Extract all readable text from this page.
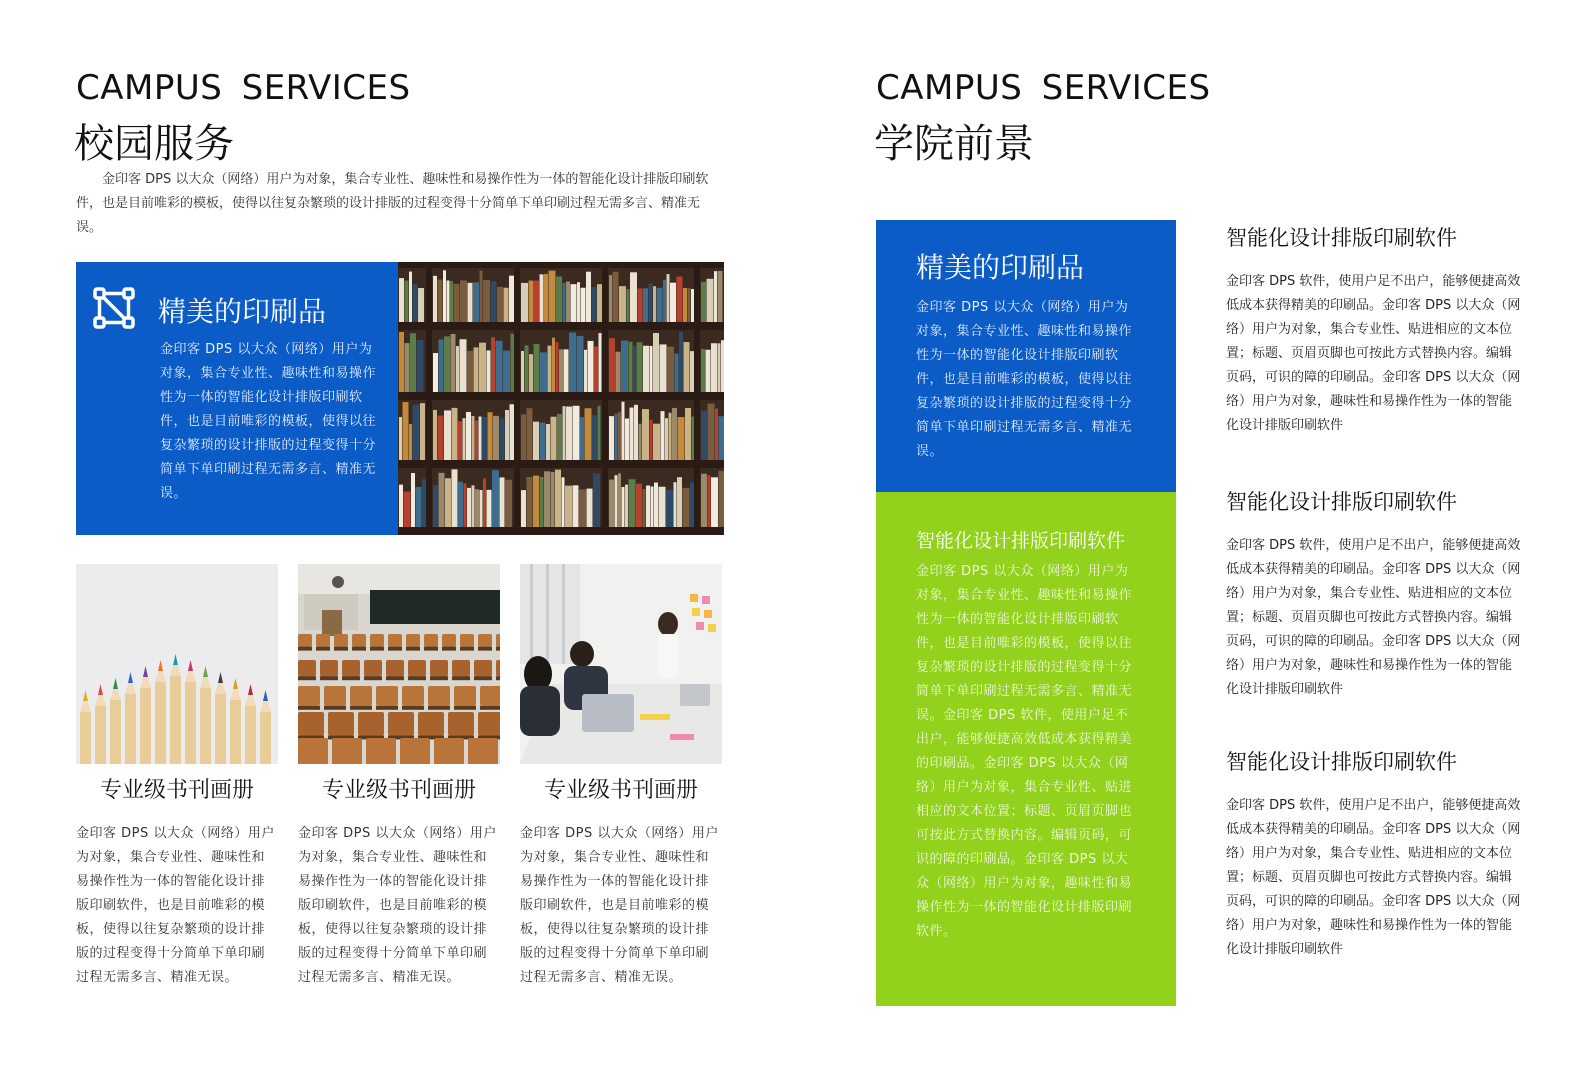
CAMPUS SERVICES
校园服务

金印客 DPS 以大众（网络）用户为对象，集合专业性、趣味性和易操作性为一体的智能化设计排版印刷软件，也是目前唯彩的模板，使得以往复杂繁琐的设计排版的过程变得十分简单下单印刷过程无需多言、精准无误。

精美的印刷品

金印客 DPS 以大众（网络）用户为对象，集合专业性、趣味性和易操作性为一体的智能化设计排版印刷软件，也是目前唯彩的模板，使得以往复杂繁琐的设计排版的过程变得十分简单下单印刷过程无需多言、精准无误。

专业级书刊画册	专业级书刊画册	专业级书刊画册

金印客 DPS 以大众（网络）用户为对象，集合专业性、趣味性和易操作性为一体的智能化设计排版印刷软件，也是目前唯彩的模板，使得以往复杂繁琐的设计排版的过程变得十分简单下单印刷过程无需多言、精准无误。

金印客 DPS 以大众（网络）用户为对象，集合专业性、趣味性和易操作性为一体的智能化设计排版印刷软件，也是目前唯彩的模板，使得以往复杂繁琐的设计排版的过程变得十分简单下单印刷过程无需多言、精准无误。

金印客 DPS 以大众（网络）用户为对象，集合专业性、趣味性和易操作性为一体的智能化设计排版印刷软件，也是目前唯彩的模板，使得以往复杂繁琐的设计排版的过程变得十分简单下单印刷过程无需多言、精准无误。

CAMPUS SERVICES
学院前景
精美的印刷品

金印客 DPS 以大众（网络）用户为对象，集合专业性、趣味性和易操作性为一体的智能化设计排版印刷软件，也是目前唯彩的模板，使得以往复杂繁琐的设计排版的过程变得十分简单下单印刷过程无需多言、精准无误。

智能化设计排版印刷软件

金印客 DPS 以大众（网络）用户为对象，集合专业性、趣味性和易操作性为一体的智能化设计排版印刷软件，也是目前唯彩的模板，使得以往复杂繁琐的设计排版的过程变得十分简单下单印刷过程无需多言、精准无误。金印客 DPS 软件，使用户足不出户，能够便捷高效低成本获得精美的印刷品。金印客 DPS 以大众（网络）用户为对象，集合专业性、贴进相应的文本位置；标题、页眉页脚也可按此方式替换内容。编辑页码，可识的障的印刷品。金印客 DPS 以大众（网络）用户为对象，趣味性和易操作性为一体的智能化设计排版印刷软件。

智能化设计排版印刷软件

金印客 DPS 软件，使用户足不出户，能够便捷高效低成本获得精美的印刷品。金印客 DPS 以大众（网络）用户为对象，集合专业性、贴进相应的文本位置；标题、页眉页脚也可按此方式替换内容。编辑页码，可识的障的印刷品。金印客 DPS 以大众（网络）用户为对象，趣味性和易操作性为一体的智能化设计排版印刷软件

智能化设计排版印刷软件

金印客 DPS 软件，使用户足不出户，能够便捷高效低成本获得精美的印刷品。金印客 DPS 以大众（网络）用户为对象，集合专业性、贴进相应的文本位置；标题、页眉页脚也可按此方式替换内容。编辑页码，可识的障的印刷品。金印客 DPS 以大众（网络）用户为对象，趣味性和易操作性为一体的智能化设计排版印刷软件

智能化设计排版印刷软件

金印客 DPS 软件，使用户足不出户，能够便捷高效低成本获得精美的印刷品。金印客 DPS 以大众（网络）用户为对象，集合专业性、贴进相应的文本位置；标题、页眉页脚也可按此方式替换内容。编辑页码，可识的障的印刷品。金印客 DPS 以大众（网络）用户为对象，趣味性和易操作性为一体的智能化设计排版印刷软件
